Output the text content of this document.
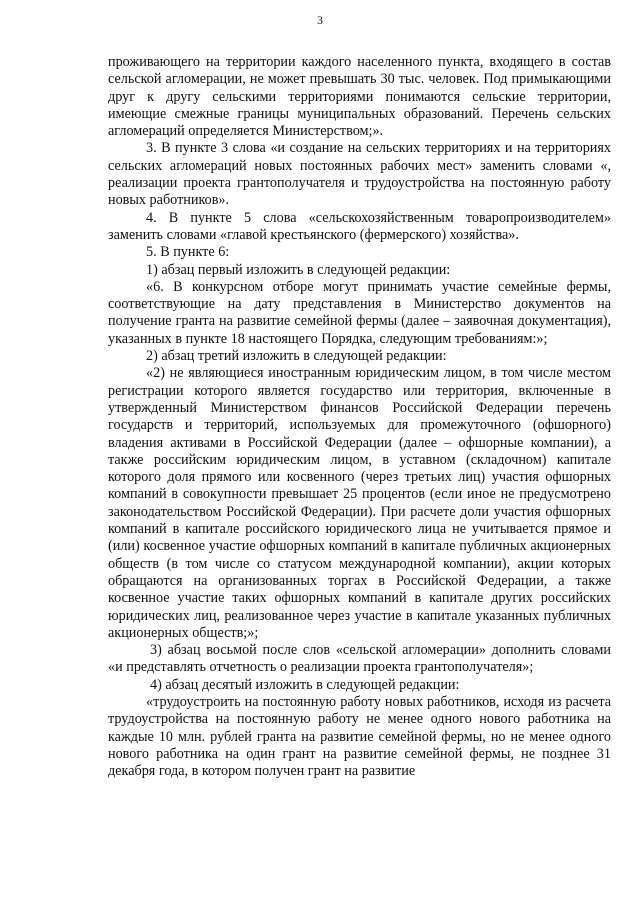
3

проживающего на территории каждого населенного пункта, входящего в состав сельской агломерации, не может превышать 30 тыс. человек. Под примыкающими друг к другу сельскими территориями понимаются сельские территории, имеющие смежные границы муниципальных образований. Перечень сельских агломераций определяется Министерством;».

3. В пункте 3 слова «и создание на сельских территориях и на территориях сельских агломераций новых постоянных рабочих мест» заменить словами «, реализации проекта грантополучателя и трудоустройства на постоянную работу новых работников».

4. В пункте 5 слова «сельскохозяйственным товаропроизводителем» заменить словами «главой крестьянского (фермерского) хозяйства».

5. В пункте 6:

1) абзац первый изложить в следующей редакции:

«6. В конкурсном отборе могут принимать участие семейные фермы, соответствующие на дату представления в Министерство документов на получение гранта на развитие семейной фермы (далее – заявочная документация), указанных в пункте 18 настоящего Порядка, следующим требованиям:»;

2) абзац третий изложить в следующей редакции:

«2) не являющиеся иностранным юридическим лицом, в том числе местом регистрации которого является государство или территория, включенные в утвержденный Министерством финансов Российской Федерации перечень государств и территорий, используемых для промежуточного (офшорного) владения активами в Российской Федерации (далее – офшорные компании), а также российским юридическим лицом, в уставном (складочном) капитале которого доля прямого или косвенного (через третьих лиц) участия офшорных компаний в совокупности превышает 25 процентов (если иное не предусмотрено законодательством Российской Федерации). При расчете доли участия офшорных компаний в капитале российского юридического лица не учитывается прямое и (или) косвенное участие офшорных компаний в капитале публичных акционерных обществ (в том числе со статусом международной компании), акции которых обращаются на организованных торгах в Российской Федерации, а также косвенное участие таких офшорных компаний в капитале других российских юридических лиц, реализованное через участие в капитале указанных публичных акционерных обществ;»;

3) абзац восьмой после слов «сельской агломерации» дополнить словами «и представлять отчетность о реализации проекта грантополучателя»;

4) абзац десятый изложить в следующей редакции:

«трудоустроить на постоянную работу новых работников, исходя из расчета трудоустройства на постоянную работу не менее одного нового работника на каждые 10 млн. рублей гранта на развитие семейной фермы, но не менее одного нового работника на один грант на развитие семейной фермы, не позднее 31 декабря года, в котором получен грант на развитие
